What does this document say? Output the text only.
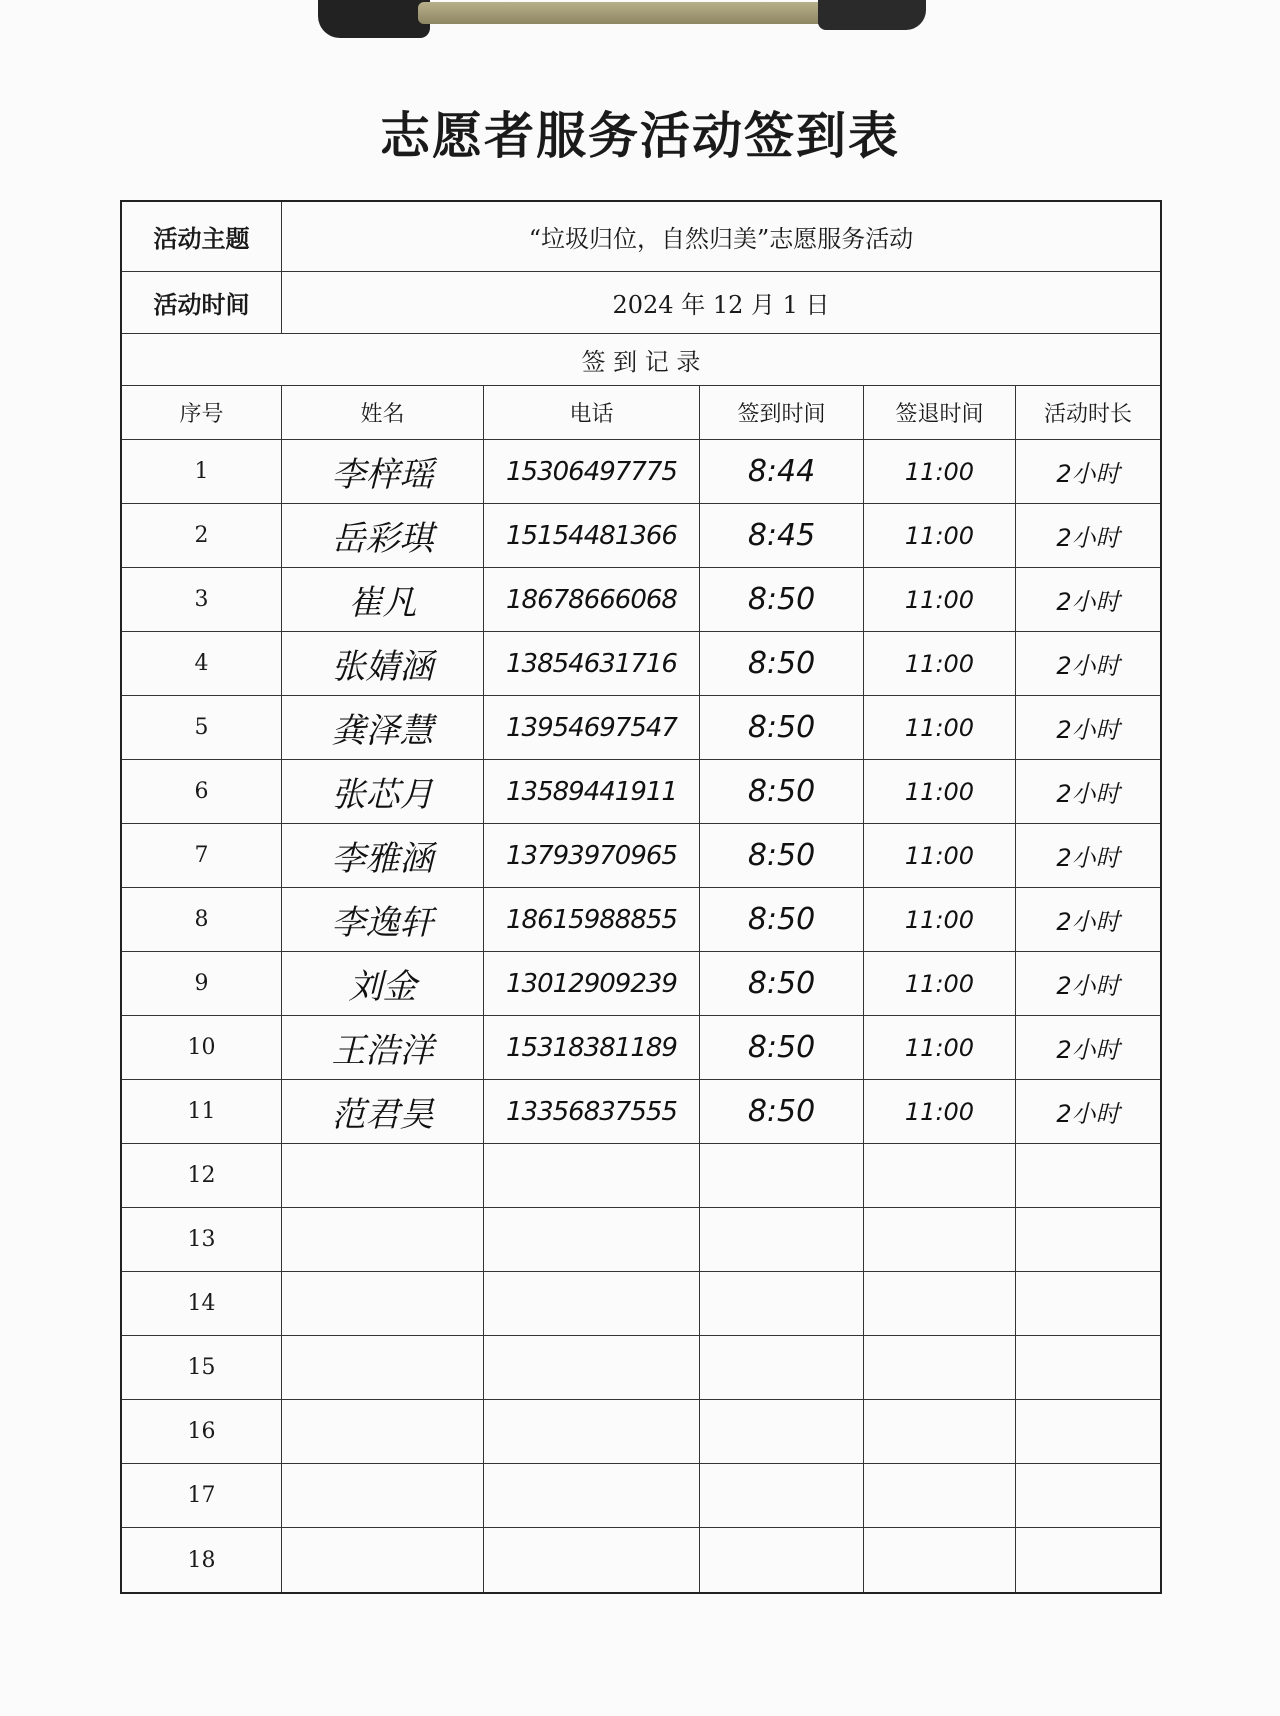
志愿者服务活动签到表
活动主题	“垃圾归位，自然归美”志愿服务活动
活动时间	2024 年 12 月 1 日
签 到 记 录
序号	姓名	电话	签到时间	签退时间	活动时长
1	李梓瑶	15306497775	8:44	11:00	2小时
2	岳彩琪	15154481366	8:45	11:00	2小时
3	崔凡	18678666068	8:50	11:00	2小时
4	张婧涵	13854631716	8:50	11:00	2小时
5	龚泽慧	13954697547	8:50	11:00	2小时
6	张芯月	13589441911	8:50	11:00	2小时
7	李雅涵	13793970965	8:50	11:00	2小时
8	李逸轩	18615988855	8:50	11:00	2小时
9	刘金	13012909239	8:50	11:00	2小时
10	王浩洋	15318381189	8:50	11:00	2小时
11	范君昊	13356837555	8:50	11:00	2小时
12
13
14
15
16
17
18
